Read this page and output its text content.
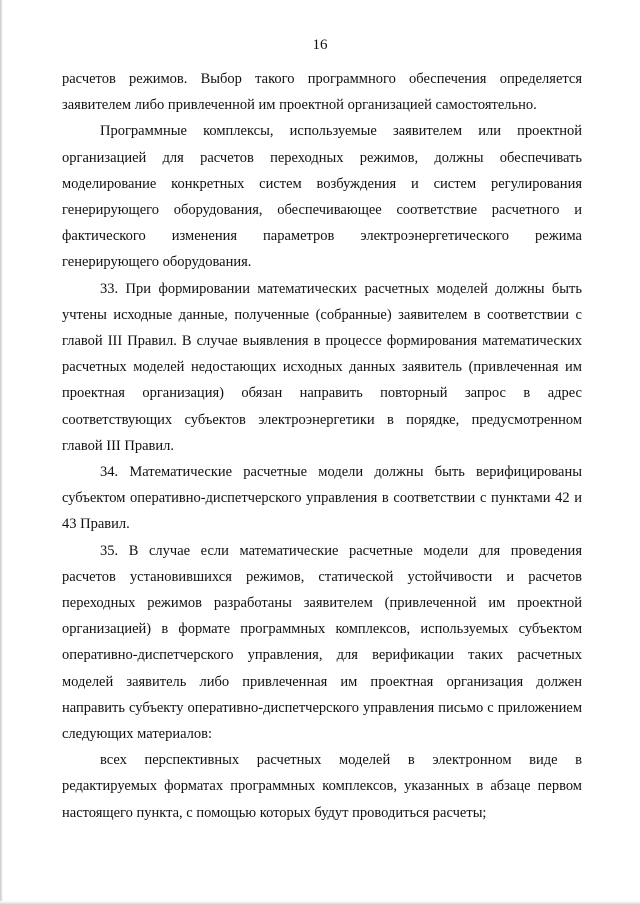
16

расчетов режимов. Выбор такого программного обеспечения определяется заявителем либо привлеченной им проектной организацией самостоятельно.

Программные комплексы, используемые заявителем или проектной организацией для расчетов переходных режимов, должны обеспечивать моделирование конкретных систем возбуждения и систем регулирования генерирующего оборудования, обеспечивающее соответствие расчетного и фактического изменения параметров электроэнергетического режима генерирующего оборудования.

33. При формировании математических расчетных моделей должны быть учтены исходные данные, полученные (собранные) заявителем в соответствии с главой III Правил. В случае выявления в процессе формирования математических расчетных моделей недостающих исходных данных заявитель (привлеченная им проектная организация) обязан направить повторный запрос в адрес соответствующих субъектов электроэнергетики в порядке, предусмотренном главой III Правил.

34. Математические расчетные модели должны быть верифицированы субъектом оперативно-диспетчерского управления в соответствии с пунктами 42 и 43 Правил.

35. В случае если математические расчетные модели для проведения расчетов установившихся режимов, статической устойчивости и расчетов переходных режимов разработаны заявителем (привлеченной им проектной организацией) в формате программных комплексов, используемых субъектом оперативно-диспетчерского управления, для верификации таких расчетных моделей заявитель либо привлеченная им проектная организация должен направить субъекту оперативно-диспетчерского управления письмо с приложением следующих материалов:

всех перспективных расчетных моделей в электронном виде в редактируемых форматах программных комплексов, указанных в абзаце первом настоящего пункта, с помощью которых будут проводиться расчеты;
